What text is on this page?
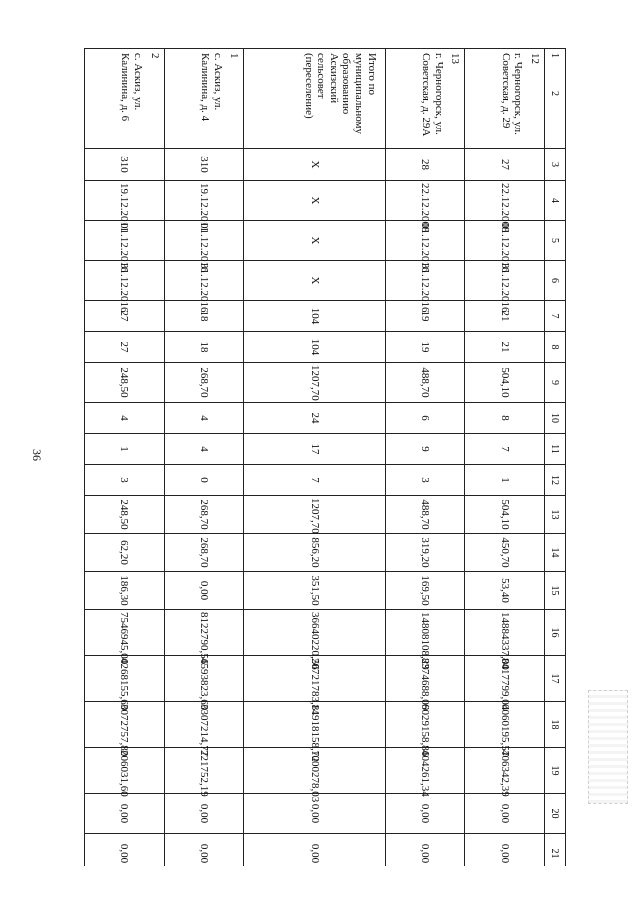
36
1  2	3	4	5	6	7	8	9	10	11	12	13	14	15	16	17	18	19	20	21

12
г. Черногорск, ул. Советская, д. 29	27	22.12.2008	01.12.2016	31.12.2016	21	21	504,10	8	7	1	504,10	450,70	53,40	14884337,00	8417799,04	6060195,57	406342,39	0,00	0,00

13
г. Черногорск, ул. Советская, д. 29А	28	22.12.2008	01.12.2016	31.12.2016	19	19	488,70	6	9	3	488,70	319,20	169,50	14808108,29	8374688,09	6029158,86	404261,34	0,00	0,00

Итого по муниципальному образованию Аскизский сельсовет (переселение)	X	X	X	X	104	104	1207,70	24	17	7	1207,70	856,20	351,50	36640220,56	20721783,81	14918158,72	1000278,03	0,00	0,00

1
с. Аскиз, ул. Калинина, д. 4	310	19.12.2011	01.12.2016	31.12.2016	18	18	268,70	4	4	0	268,70	268,70	0,00	8122790,56	4593823,60	3307214,77	221752,19	0,00	0,00

2
с. Аскиз, ул. Калинина, д. 6	310	19.12.2011	01.12.2016	31.12.2016	27	27	248,50	4	1	3	248,50	62,20	186,30	7546945,00	4268155,60	3072757,80	206031,60	0,00	0,00
